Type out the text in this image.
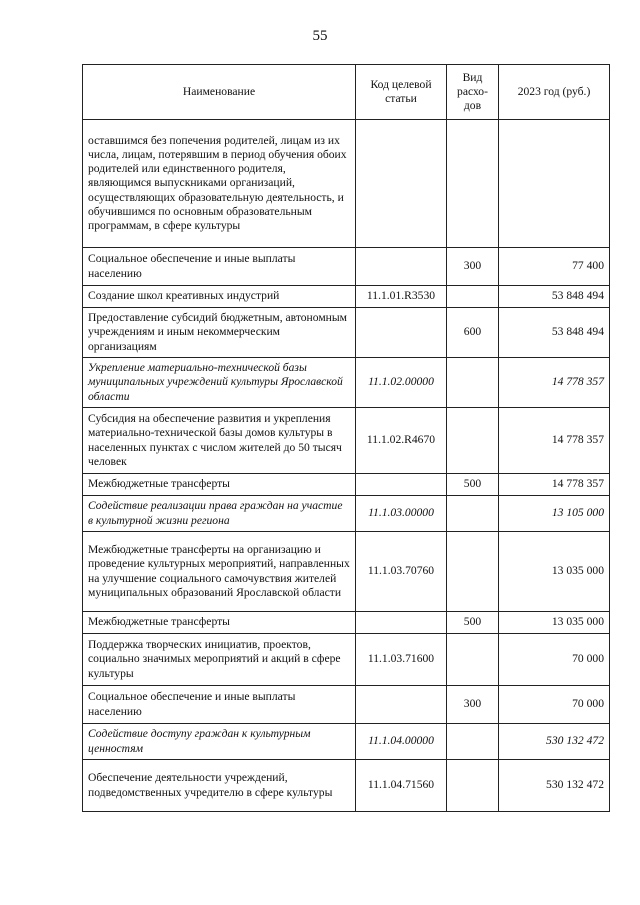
55
Наименование	Код целевой статьи	Вид расхо-дов	2023 год (руб.)
оставшимся без попечения родителей, лицам из их числа, лицам, потерявшим в период обучения обоих родителей или единственного родителя, являющимся выпускниками организаций, осуществляющих образовательную деятельность, и обучившимся по основным образовательным программам, в сфере культуры			
Социальное обеспечение и иные выплаты населению		300	77 400
Создание школ креативных индустрий	11.1.01.R3530		53 848 494
Предоставление субсидий бюджетным, автономным учреждениям и иным некоммерческим организациям		600	53 848 494
Укрепление материально-технической базы муниципальных учреждений культуры Ярославской области	11.1.02.00000		14 778 357
Субсидия на обеспечение развития и укрепления материально-технической базы домов культуры в населенных пунктах с числом жителей до 50 тысяч человек	11.1.02.R4670		14 778 357
Межбюджетные трансферты		500	14 778 357
Содействие реализации права граждан на участие в культурной жизни региона	11.1.03.00000		13 105 000
Межбюджетные трансферты на организацию и проведение культурных мероприятий, направленных на улучшение социального самочувствия жителей муниципальных образований Ярославской области	11.1.03.70760		13 035 000
Межбюджетные трансферты		500	13 035 000
Поддержка творческих инициатив, проектов, социально значимых мероприятий и акций в сфере культуры	11.1.03.71600		70 000
Социальное обеспечение и иные выплаты населению		300	70 000
Содействие доступу граждан к культурным ценностям	11.1.04.00000		530 132 472
Обеспечение деятельности учреждений, подведомственных учредителю в сфере культуры	11.1.04.71560		530 132 472
